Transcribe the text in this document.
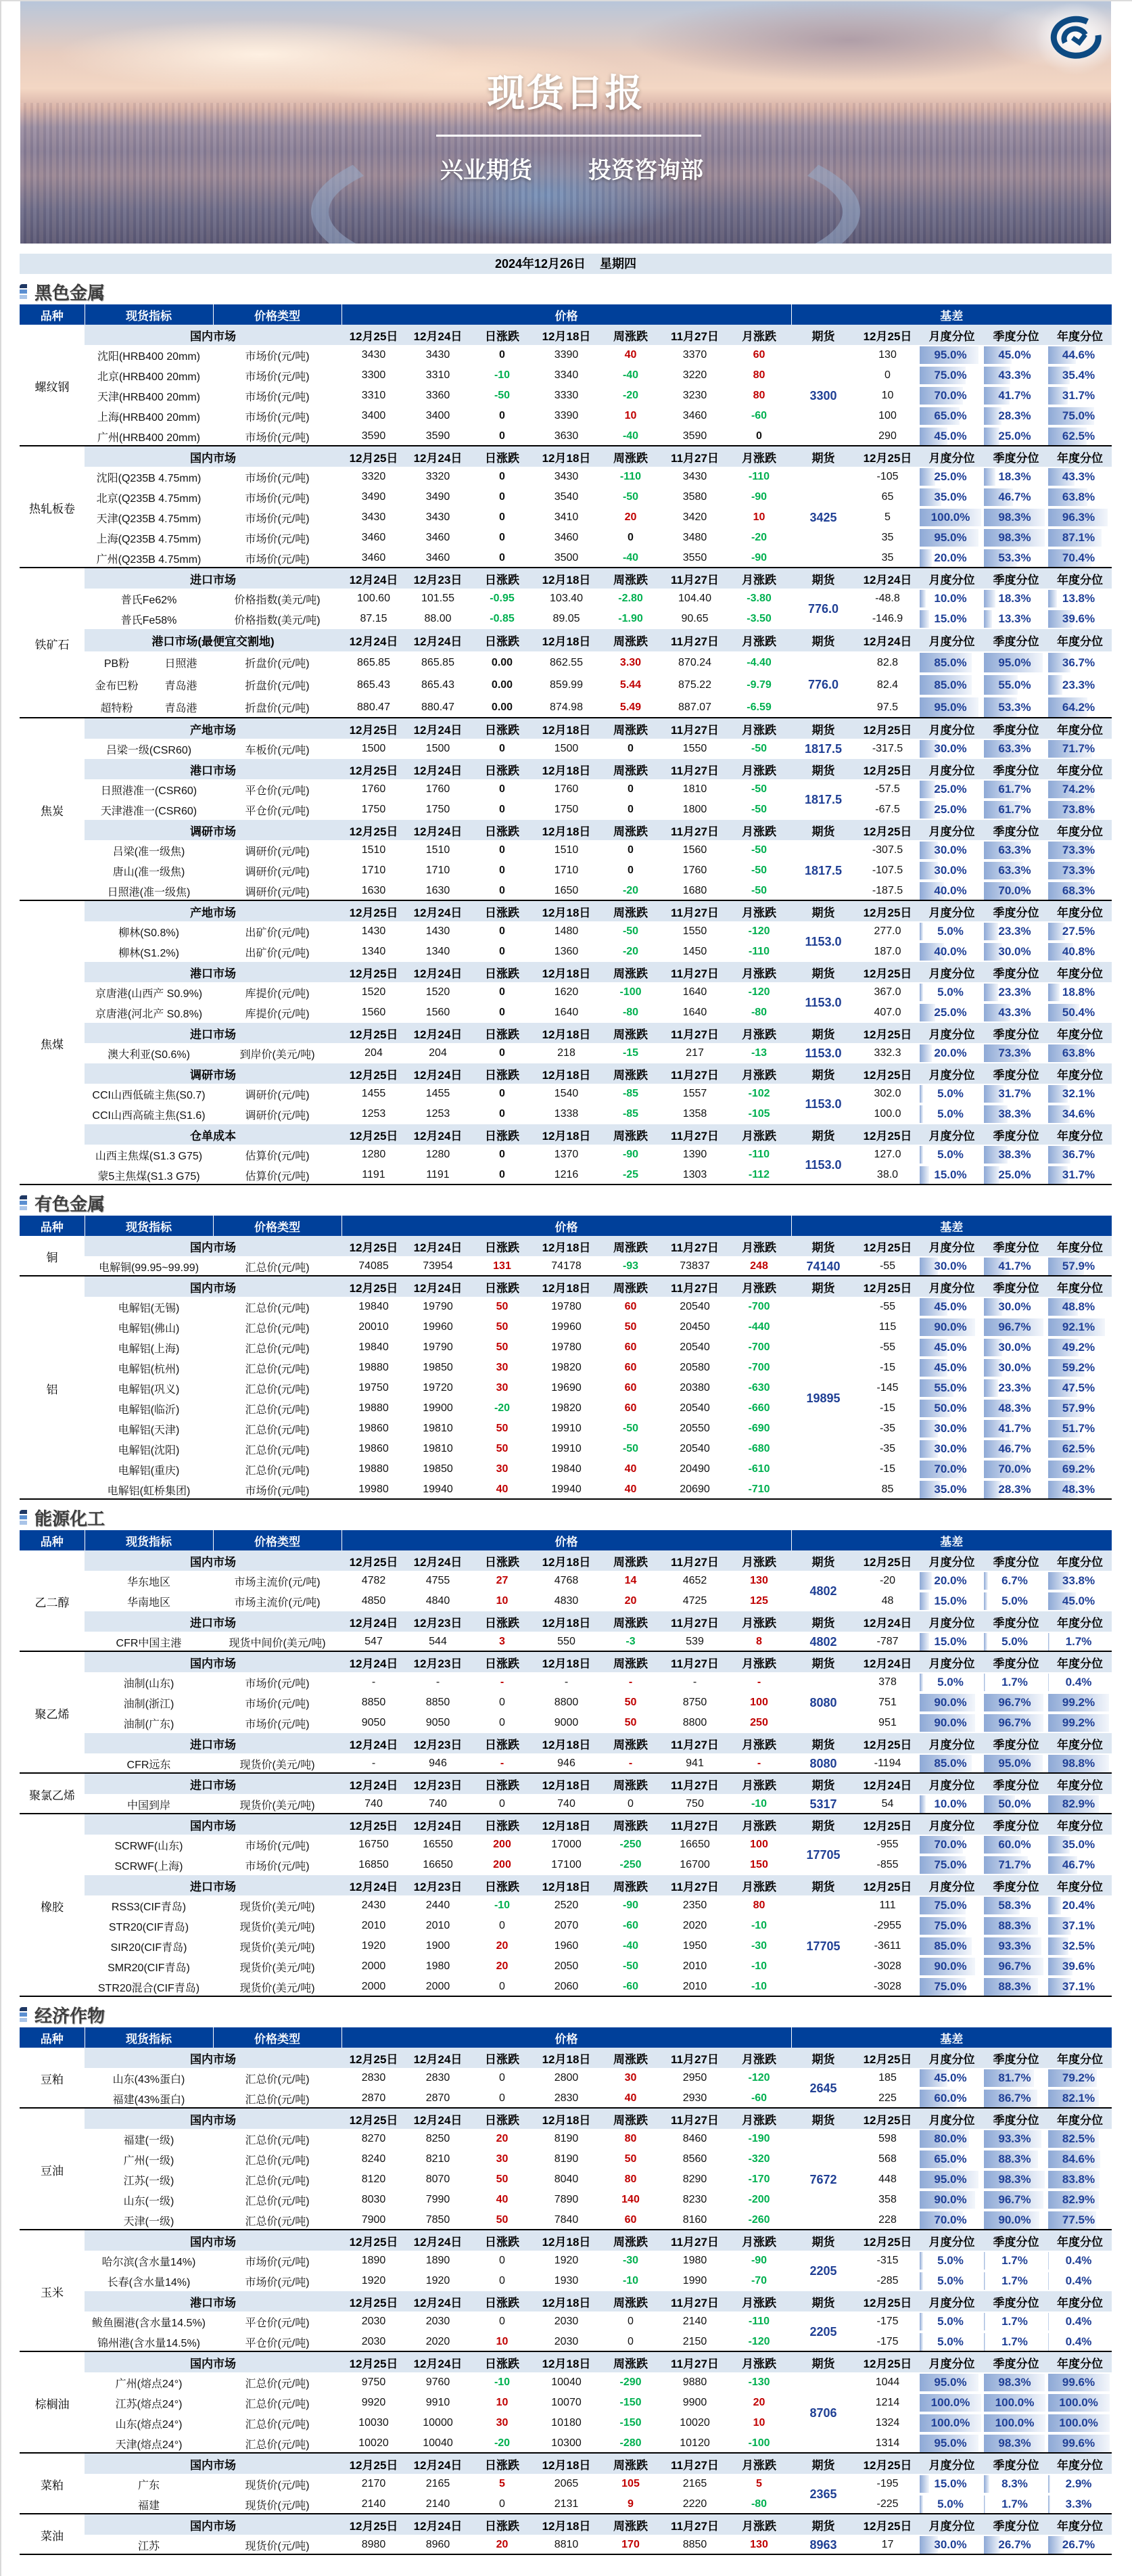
现货日报
兴业期货 投资咨询部
2024年12月26日 星期四
黑色金属
品种	现货指标		价格类型	价格							基差				
螺纹钢	国内市场			12月25日	12月24日	日涨跌	12月18日	周涨跌	11月27日	月涨跌	期货	12月25日	月度分位	季度分位	年度分位
	沈阳(HRB400 20mm)		市场价(元/吨)	3430	3430	0	3390	40	3370	60	3300	130	95.0%	45.0%	44.6%

	北京(HRB400 20mm)		市场价(元/吨)	3300	3310	-10	3340	-40	3220	80		0	75.0%	43.3%	35.4%

	天津(HRB400 20mm)		市场价(元/吨)	3310	3360	-50	3330	-20	3230	80		10	70.0%	41.7%	31.7%

	上海(HRB400 20mm)		市场价(元/吨)	3400	3400	0	3390	10	3460	-60		100	65.0%	28.3%	75.0%

	广州(HRB400 20mm)		市场价(元/吨)	3590	3590	0	3630	-40	3590	0		290	45.0%	25.0%	62.5%

热轧板卷	国内市场			12月25日	12月24日	日涨跌	12月18日	周涨跌	11月27日	月涨跌	期货	12月25日	月度分位	季度分位	年度分位
	沈阳(Q235B 4.75mm)		市场价(元/吨)	3320	3320	0	3430	-110	3430	-110	3425	-105	25.0%	18.3%	43.3%

	北京(Q235B 4.75mm)		市场价(元/吨)	3490	3490	0	3540	-50	3580	-90		65	35.0%	46.7%	63.8%

	天津(Q235B 4.75mm)		市场价(元/吨)	3430	3430	0	3410	20	3420	10		5	100.0%	98.3%	96.3%

	上海(Q235B 4.75mm)		市场价(元/吨)	3460	3460	0	3460	0	3480	-20		35	95.0%	98.3%	87.1%

	广州(Q235B 4.75mm)		市场价(元/吨)	3460	3460	0	3500	-40	3550	-90		35	20.0%	53.3%	70.4%

铁矿石	进口市场			12月24日	12月23日	日涨跌	12月18日	周涨跌	11月27日	月涨跌	期货	12月24日	月度分位	季度分位	年度分位
	普氏Fe62%		价格指数(美元/吨)	100.60	101.55	-0.95	103.40	-2.80	104.40	-3.80	776.0	-48.8	10.0%	18.3%	13.8%

	普氏Fe58%		价格指数(美元/吨)	87.15	88.00	-0.85	89.05	-1.90	90.65	-3.50		-146.9	15.0%	13.3%	39.6%

	港口市场(最便宜交割地)			12月24日	12月24日	日涨跌	12月18日	周涨跌	11月27日	月涨跌	期货	12月24日	月度分位	季度分位	年度分位
	PB粉	日照港	折盘价(元/吨)	865.85	865.85	0.00	862.55	3.30	870.24	-4.40	776.0	82.8	85.0%	95.0%	36.7%

	金布巴粉	青岛港	折盘价(元/吨)	865.43	865.43	0.00	859.99	5.44	875.22	-9.79		82.4	85.0%	55.0%	23.3%

	超特粉	青岛港	折盘价(元/吨)	880.47	880.47	0.00	874.98	5.49	887.07	-6.59		97.5	95.0%	53.3%	64.2%

焦炭	产地市场			12月25日	12月24日	日涨跌	12月18日	周涨跌	11月27日	月涨跌	期货	12月25日	月度分位	季度分位	年度分位
	吕梁一级(CSR60)		车板价(元/吨)	1500	1500	0	1500	0	1550	-50	1817.5	-317.5	30.0%	63.3%	71.7%

	港口市场			12月25日	12月24日	日涨跌	12月18日	周涨跌	11月27日	月涨跌	期货	12月25日	月度分位	季度分位	年度分位
	日照港准一(CSR60)		平仓价(元/吨)	1760	1760	0	1760	0	1810	-50	1817.5	-57.5	25.0%	61.7%	74.2%

	天津港准一(CSR60)		平仓价(元/吨)	1750	1750	0	1750	0	1800	-50		-67.5	25.0%	61.7%	73.8%

	调研市场			12月25日	12月24日	日涨跌	12月18日	周涨跌	11月27日	月涨跌	期货	12月25日	月度分位	季度分位	年度分位
	吕梁(准一级焦)		调研价(元/吨)	1510	1510	0	1510	0	1560	-50	1817.5	-307.5	30.0%	63.3%	73.3%

	唐山(准一级焦)		调研价(元/吨)	1710	1710	0	1710	0	1760	-50		-107.5	30.0%	63.3%	73.3%

	日照港(准一级焦)		调研价(元/吨)	1630	1630	0	1650	-20	1680	-50		-187.5	40.0%	70.0%	68.3%

焦煤	产地市场			12月25日	12月24日	日涨跌	12月18日	周涨跌	11月27日	月涨跌	期货	12月25日	月度分位	季度分位	年度分位
	柳林(S0.8%)		出矿价(元/吨)	1430	1430	0	1480	-50	1550	-120	1153.0	277.0	5.0%	23.3%	27.5%

	柳林(S1.2%)		出矿价(元/吨)	1340	1340	0	1360	-20	1450	-110		187.0	40.0%	30.0%	40.8%

	港口市场			12月25日	12月24日	日涨跌	12月18日	周涨跌	11月27日	月涨跌	期货	12月25日	月度分位	季度分位	年度分位
	京唐港(山西产 S0.9%)		库提价(元/吨)	1520	1520	0	1620	-100	1640	-120	1153.0	367.0	5.0%	23.3%	18.8%

	京唐港(河北产 S0.8%)		库提价(元/吨)	1560	1560	0	1640	-80	1640	-80		407.0	25.0%	43.3%	50.4%

	进口市场			12月25日	12月24日	日涨跌	12月18日	周涨跌	11月27日	月涨跌	期货	12月25日	月度分位	季度分位	年度分位
	澳大利亚(S0.6%)		到岸价(美元/吨)	204	204	0	218	-15	217	-13	1153.0	332.3	20.0%	73.3%	63.8%

	调研市场			12月25日	12月24日	日涨跌	12月18日	周涨跌	11月27日	月涨跌	期货	12月25日	月度分位	季度分位	年度分位
	CCI山西低硫主焦(S0.7)		调研价(元/吨)	1455	1455	0	1540	-85	1557	-102	1153.0	302.0	5.0%	31.7%	32.1%

	CCI山西高硫主焦(S1.6)		调研价(元/吨)	1253	1253	0	1338	-85	1358	-105		100.0	5.0%	38.3%	34.6%

	仓单成本			12月25日	12月24日	日涨跌	12月18日	周涨跌	11月27日	月涨跌	期货	12月25日	月度分位	季度分位	年度分位
	山西主焦煤(S1.3 G75)		估算价(元/吨)	1280	1280	0	1370	-90	1390	-110	1153.0	127.0	5.0%	38.3%	36.7%

	蒙5主焦煤(S1.3 G75)		估算价(元/吨)	1191	1191	0	1216	-25	1303	-112		38.0	15.0%	25.0%	31.7%
有色金属
品种	现货指标	价格类型	价格							基差				
铜	国内市场		12月25日	12月24日	日涨跌	12月18日	周涨跌	11月27日	月涨跌	期货	12月25日	月度分位	季度分位	年度分位
	电解铜(99.95~99.99)	汇总价(元/吨)	74085	73954	131	74178	-93	73837	248	74140	-55	30.0%	41.7%	57.9%

铝	国内市场		12月25日	12月24日	日涨跌	12月18日	周涨跌	11月27日	月涨跌	期货	12月25日	月度分位	季度分位	年度分位
	电解铝(无锡)	汇总价(元/吨)	19840	19790	50	19780	60	20540	-700	19895	-55	45.0%	30.0%	48.8%

	电解铝(佛山)	汇总价(元/吨)	20010	19960	50	19960	50	20450	-440		115	90.0%	96.7%	92.1%

	电解铝(上海)	汇总价(元/吨)	19840	19790	50	19780	60	20540	-700		-55	45.0%	30.0%	49.2%

	电解铝(杭州)	汇总价(元/吨)	19880	19850	30	19820	60	20580	-700		-15	45.0%	30.0%	59.2%

	电解铝(巩义)	汇总价(元/吨)	19750	19720	30	19690	60	20380	-630		-145	55.0%	23.3%	47.5%

	电解铝(临沂)	汇总价(元/吨)	19880	19900	-20	19820	60	20540	-660		-15	50.0%	48.3%	57.9%

	电解铝(天津)	汇总价(元/吨)	19860	19810	50	19910	-50	20550	-690		-35	30.0%	41.7%	51.7%

	电解铝(沈阳)	汇总价(元/吨)	19860	19810	50	19910	-50	20540	-680		-35	30.0%	46.7%	62.5%

	电解铝(重庆)	汇总价(元/吨)	19880	19850	30	19840	40	20490	-610		-15	70.0%	70.0%	69.2%

	电解铝(虹桥集团)	市场价(元/吨)	19980	19940	40	19940	40	20690	-710		85	35.0%	28.3%	48.3%
能源化工
品种	现货指标	价格类型	价格							基差				
乙二醇	国内市场		12月25日	12月24日	日涨跌	12月18日	周涨跌	11月27日	月涨跌	期货	12月25日	月度分位	季度分位	年度分位
	华东地区	市场主流价(元/吨)	4782	4755	27	4768	14	4652	130	4802	-20	20.0%	6.7%	33.8%

	华南地区	市场主流价(元/吨)	4850	4840	10	4830	20	4725	125		48	15.0%	5.0%	45.0%

	进口市场		12月24日	12月23日	日涨跌	12月18日	周涨跌	11月27日	月涨跌	期货	12月24日	月度分位	季度分位	年度分位
	CFR中国主港	现货中间价(美元/吨)	547	544	3	550	-3	539	8	4802	-787	15.0%	5.0%	1.7%

聚乙烯	国内市场		12月24日	12月23日	日涨跌	12月18日	周涨跌	11月27日	月涨跌	期货	12月24日	月度分位	季度分位	年度分位
	油制(山东)	市场价(元/吨)	-	-	-	-	-	-	-	8080	378	5.0%	1.7%	0.4%

	油制(浙江)	市场价(元/吨)	8850	8850	0	8800	50	8750	100		751	90.0%	96.7%	99.2%

	油制(广东)	市场价(元/吨)	9050	9050	0	9000	50	8800	250		951	90.0%	96.7%	99.2%

	进口市场		12月24日	12月23日	日涨跌	12月18日	周涨跌	11月27日	月涨跌	期货	12月25日	月度分位	季度分位	年度分位
	CFR远东	现货价(美元/吨)	-	946	-	946	-	941	-	8080	-1194	85.0%	95.0%	98.8%

聚氯乙烯	进口市场		12月24日	12月23日	日涨跌	12月18日	周涨跌	11月27日	月涨跌	期货	12月24日	月度分位	季度分位	年度分位
	中国到岸	现货价(美元/吨)	740	740	0	740	0	750	-10	5317	54	10.0%	50.0%	82.9%

橡胶	国内市场		12月25日	12月24日	日涨跌	12月18日	周涨跌	11月27日	月涨跌	期货	12月25日	月度分位	季度分位	年度分位
	SCRWF(山东)	市场价(元/吨)	16750	16550	200	17000	-250	16650	100	17705	-955	70.0%	60.0%	35.0%

	SCRWF(上海)	市场价(元/吨)	16850	16650	200	17100	-250	16700	150		-855	75.0%	71.7%	46.7%

	进口市场		12月24日	12月23日	日涨跌	12月18日	周涨跌	11月27日	月涨跌	期货	12月25日	月度分位	季度分位	年度分位
	RSS3(CIF青岛)	现货价(美元/吨)	2430	2440	-10	2520	-90	2350	80	17705	111	75.0%	58.3%	20.4%

	STR20(CIF青岛)	现货价(美元/吨)	2010	2010	0	2070	-60	2020	-10		-2955	75.0%	88.3%	37.1%

	SIR20(CIF青岛)	现货价(美元/吨)	1920	1900	20	1960	-40	1950	-30		-3611	85.0%	93.3%	32.5%

	SMR20(CIF青岛)	现货价(美元/吨)	2000	1980	20	2050	-50	2010	-10		-3028	90.0%	96.7%	39.6%

	STR20混合(CIF青岛)	现货价(美元/吨)	2000	2000	0	2060	-60	2010	-10		-3028	75.0%	88.3%	37.1%
经济作物
品种	现货指标	价格类型	价格							基差				
豆粕	国内市场		12月25日	12月24日	日涨跌	12月18日	周涨跌	11月27日	月涨跌	期货	12月25日	月度分位	季度分位	年度分位
	山东(43%蛋白)	汇总价(元/吨)	2830	2830	0	2800	30	2950	-120	2645	185	45.0%	81.7%	79.2%

	福建(43%蛋白)	汇总价(元/吨)	2870	2870	0	2830	40	2930	-60		225	60.0%	86.7%	82.1%

豆油	国内市场		12月25日	12月24日	日涨跌	12月18日	周涨跌	11月27日	月涨跌	期货	12月25日	月度分位	季度分位	年度分位
	福建(一级)	汇总价(元/吨)	8270	8250	20	8190	80	8460	-190	7672	598	80.0%	93.3%	82.5%

	广州(一级)	汇总价(元/吨)	8240	8210	30	8190	50	8560	-320		568	65.0%	88.3%	84.6%

	江苏(一级)	汇总价(元/吨)	8120	8070	50	8040	80	8290	-170		448	95.0%	98.3%	83.8%

	山东(一级)	汇总价(元/吨)	8030	7990	40	7890	140	8230	-200		358	90.0%	96.7%	82.9%

	天津(一级)	汇总价(元/吨)	7900	7850	50	7840	60	8160	-260		228	70.0%	90.0%	77.5%

玉米	国内市场		12月25日	12月24日	日涨跌	12月18日	周涨跌	11月27日	月涨跌	期货	12月25日	月度分位	季度分位	年度分位
	哈尔滨(含水量14%)	市场价(元/吨)	1890	1890	0	1920	-30	1980	-90	2205	-315	5.0%	1.7%	0.4%

	长春(含水量14%)	市场价(元/吨)	1920	1920	0	1930	-10	1990	-70		-285	5.0%	1.7%	0.4%

	港口市场		12月25日	12月24日	日涨跌	12月18日	周涨跌	11月27日	月涨跌	期货	12月25日	月度分位	季度分位	年度分位
	鲅鱼圈港(含水量14.5%)	平仓价(元/吨)	2030	2030	0	2030	0	2140	-110	2205	-175	5.0%	1.7%	0.4%

	锦州港(含水量14.5%)	平仓价(元/吨)	2030	2020	10	2030	0	2150	-120		-175	5.0%	1.7%	0.4%

棕榈油	国内市场		12月25日	12月24日	日涨跌	12月18日	周涨跌	11月27日	月涨跌	期货	12月25日	月度分位	季度分位	年度分位
	广州(熔点24°)	汇总价(元/吨)	9750	9760	-10	10040	-290	9880	-130	8706	1044	95.0%	98.3%	99.6%

	江苏(熔点24°)	汇总价(元/吨)	9920	9910	10	10070	-150	9900	20		1214	100.0%	100.0%	100.0%

	山东(熔点24°)	汇总价(元/吨)	10030	10000	30	10180	-150	10020	10		1324	100.0%	100.0%	100.0%

	天津(熔点24°)	汇总价(元/吨)	10020	10040	-20	10300	-280	10120	-100		1314	95.0%	98.3%	99.6%

菜粕	国内市场		12月25日	12月24日	日涨跌	12月18日	周涨跌	11月27日	月涨跌	期货	12月25日	月度分位	季度分位	年度分位
	广东	现货价(元/吨)	2170	2165	5	2065	105	2165	5	2365	-195	15.0%	8.3%	2.9%

	福建	现货价(元/吨)	2140	2140	0	2131	9	2220	-80		-225	5.0%	1.7%	3.3%

菜油	国内市场		12月25日	12月24日	日涨跌	12月18日	周涨跌	11月27日	月涨跌	期货	12月25日	月度分位	季度分位	年度分位
	江苏	现货价(元/吨)	8980	8960	20	8810	170	8850	130	8963	17	30.0%	26.7%	26.7%
